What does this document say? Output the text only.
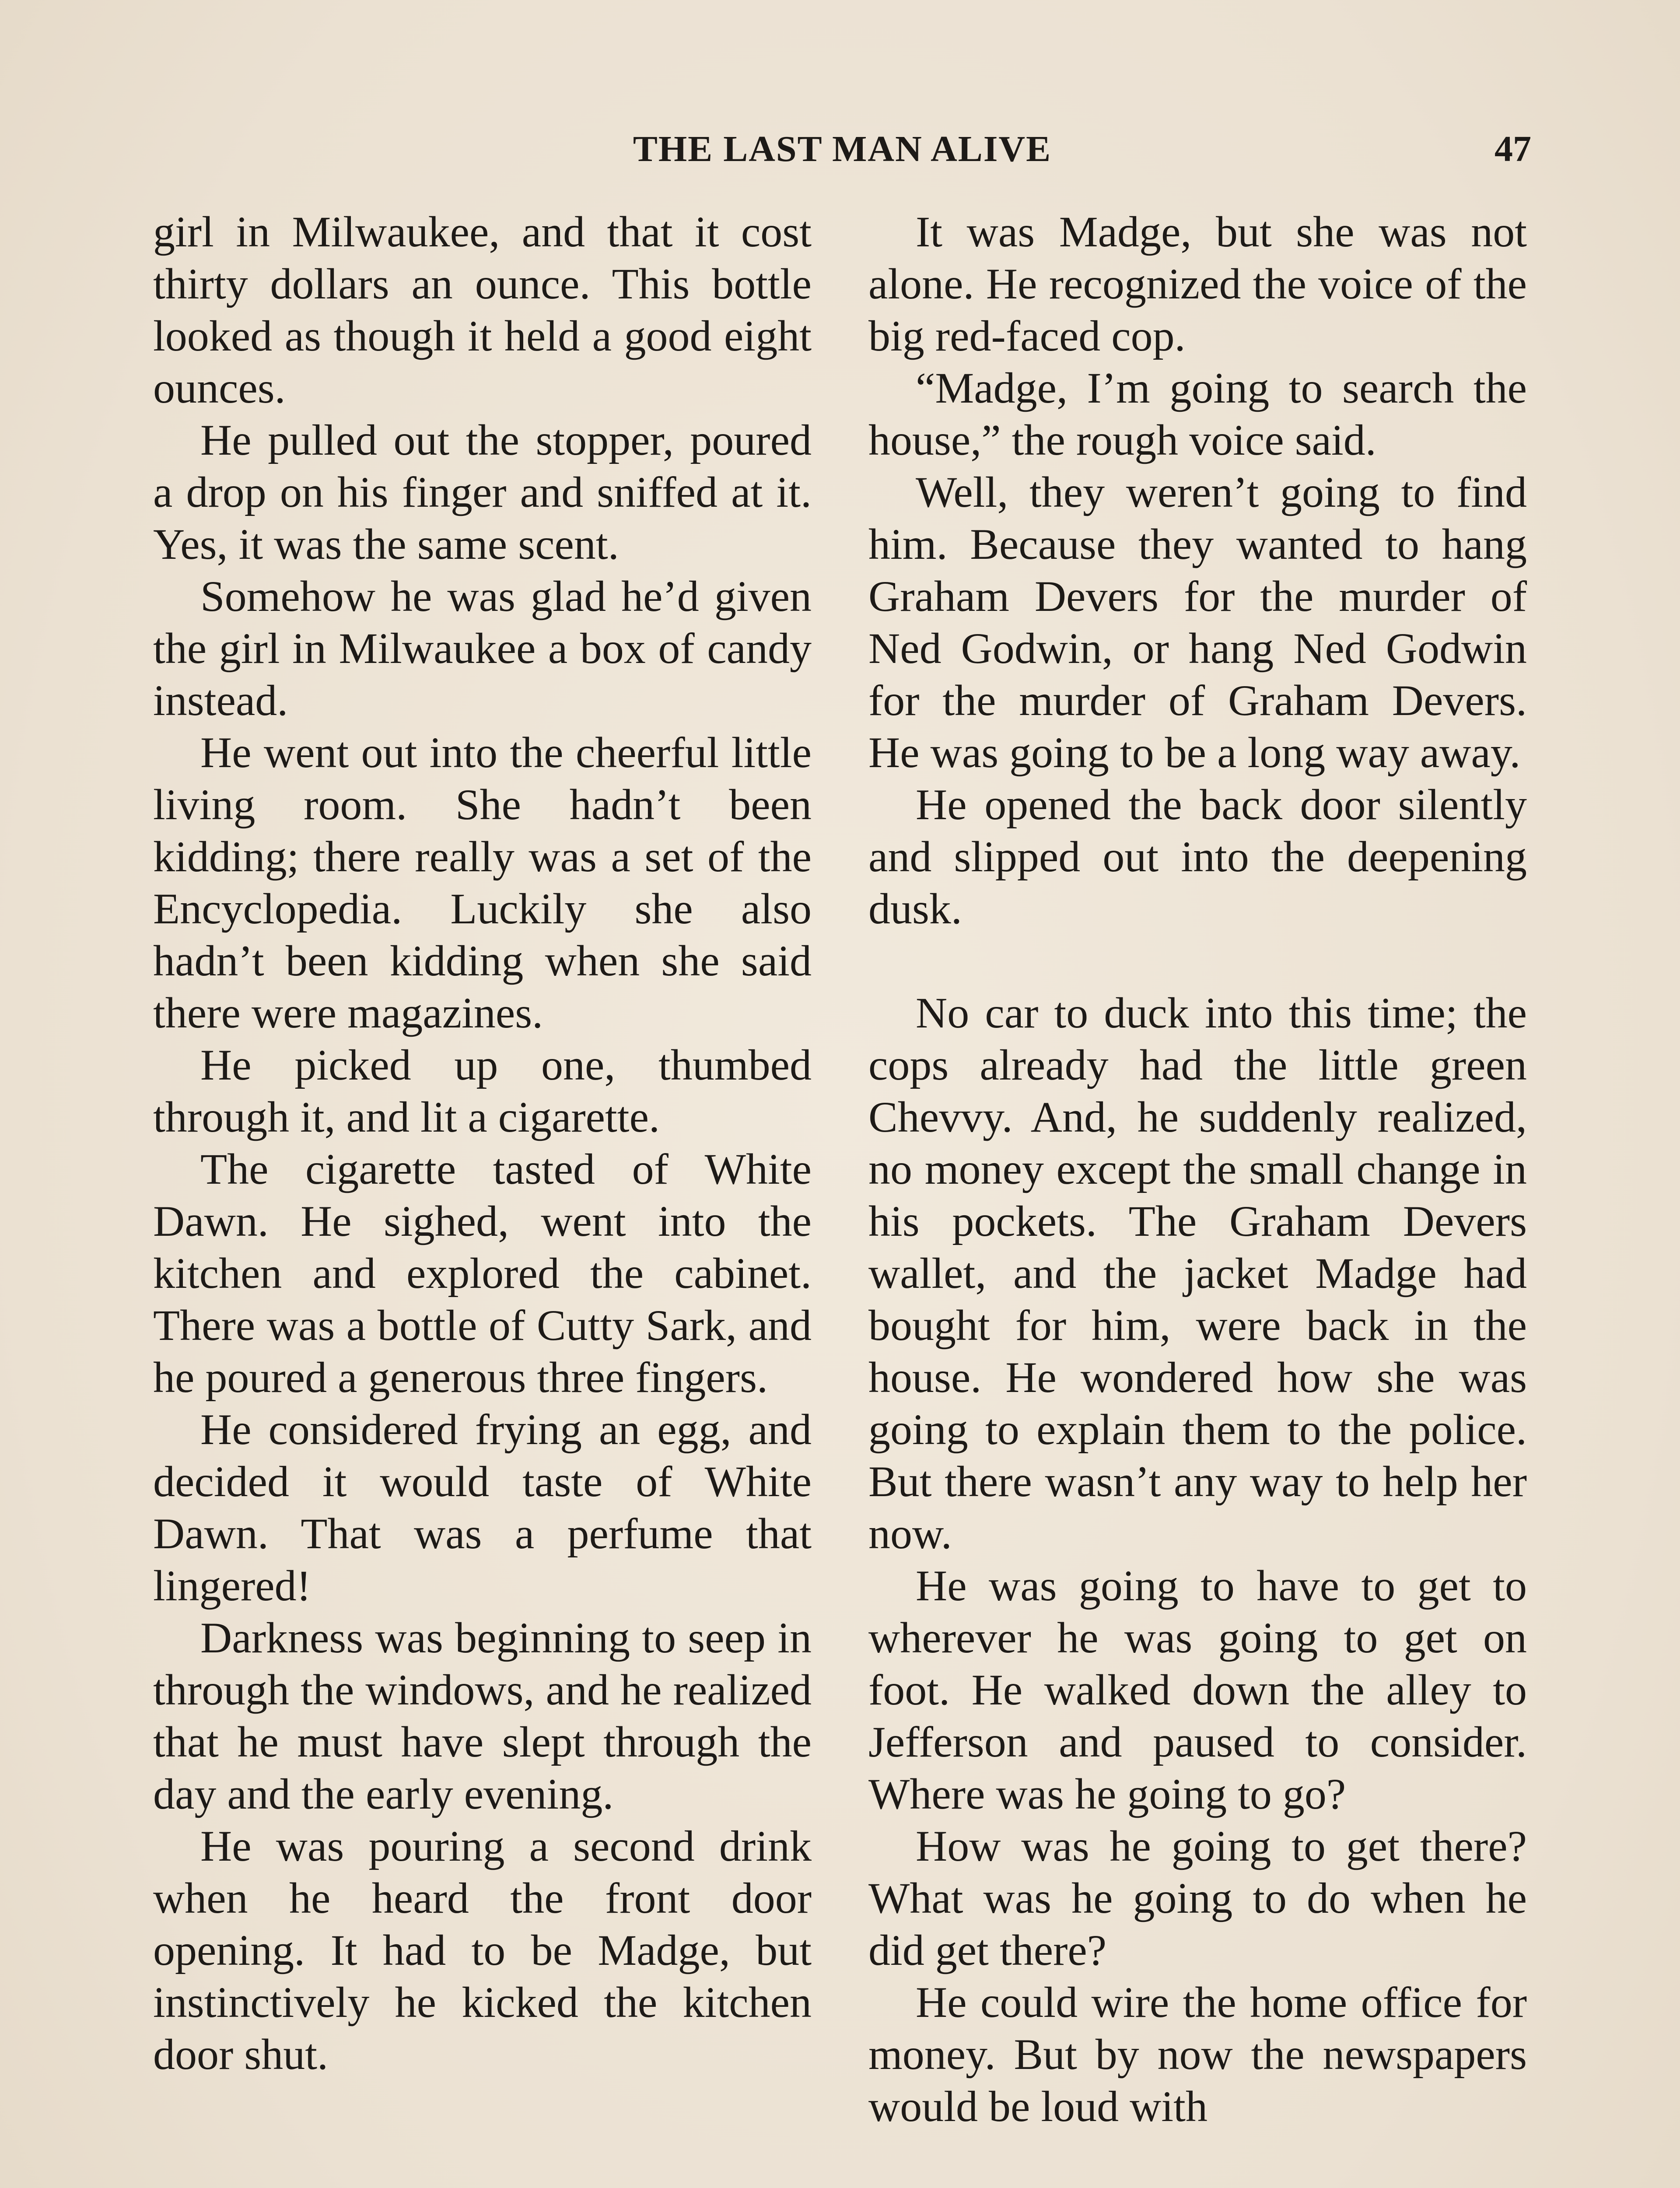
THE LAST MAN ALIVE	47

girl in Milwaukee, and that it cost thirty dollars an ounce. This bottle looked as though it held a good eight ounces.

He pulled out the stopper, poured a drop on his finger and sniffed at it. Yes, it was the same scent.

Somehow he was glad he’d given the girl in Milwaukee a box of candy instead.

He went out into the cheerful little living room. She hadn’t been kidding; there really was a set of the Encyclopedia. Luckily she also hadn’t been kidding when she said there were magazines.

He picked up one, thumbed through it, and lit a cigarette.

The cigarette tasted of White Dawn. He sighed, went into the kitchen and explored the cabinet. There was a bottle of Cutty Sark, and he poured a generous three fingers.

He considered frying an egg, and decided it would taste of White Dawn. That was a perfume that lingered!

Darkness was beginning to seep in through the windows, and he realized that he must have slept through the day and the early evening.

He was pouring a second drink when he heard the front door opening. It had to be Madge, but instinctively he kicked the kitchen door shut.

It was Madge, but she was not alone. He recognized the voice of the big red-faced cop.

“Madge, I’m going to search the house,” the rough voice said.

Well, they weren’t going to find him. Because they wanted to hang Graham Devers for the murder of Ned Godwin, or hang Ned Godwin for the murder of Graham Devers. He was going to be a long way away.

He opened the back door silently and slipped out into the deepening dusk.

No car to duck into this time; the cops already had the little green Chevvy. And, he suddenly realized, no money except the small change in his pockets. The Graham Devers wallet, and the jacket Madge had bought for him, were back in the house. He wondered how she was going to explain them to the police. But there wasn’t any way to help her now.

He was going to have to get to wherever he was going to get on foot. He walked down the alley to Jefferson and paused to consider. Where was he going to go?

How was he going to get there? What was he going to do when he did get there?

He could wire the home office for money. But by now the newspapers would be loud with
